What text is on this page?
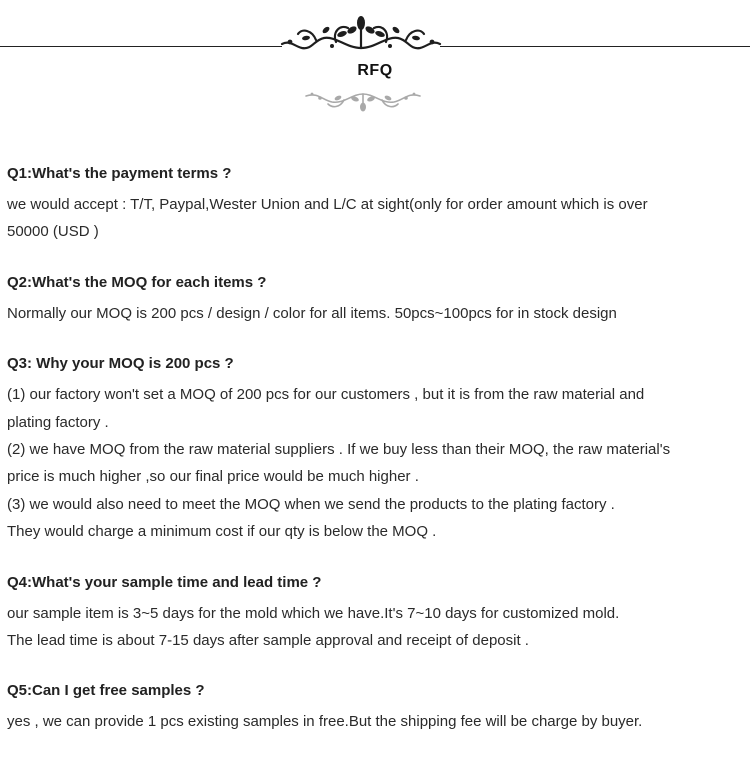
RFQ
Q1:What's the payment terms ?
we would accept : T/T, Paypal,Wester Union and L/C at sight(only for order amount which is over
50000 (USD )
Q2:What's the MOQ for each items ?
Normally our MOQ is 200 pcs / design / color for all items. 50pcs~100pcs for in stock design
Q3: Why your MOQ is 200 pcs ?
(1) our factory won't set a MOQ of 200 pcs for our customers , but it is from the raw material and
plating factory .
(2) we have MOQ from the raw material suppliers . If we buy less than their MOQ, the raw material's
price is much higher ,so our final price would be much higher .
(3) we would also need to meet the MOQ when we send the products to the plating factory .
They would charge a minimum cost if our qty is below the MOQ .
Q4:What's your sample time and lead time ?
our sample item is 3~5 days for the mold which we have.It's 7~10 days for customized mold.
The lead time is about 7-15 days after sample approval and receipt of deposit .
Q5:Can I get free samples ?
yes , we can provide 1 pcs existing samples in free.But the shipping fee will be charge by buyer.
